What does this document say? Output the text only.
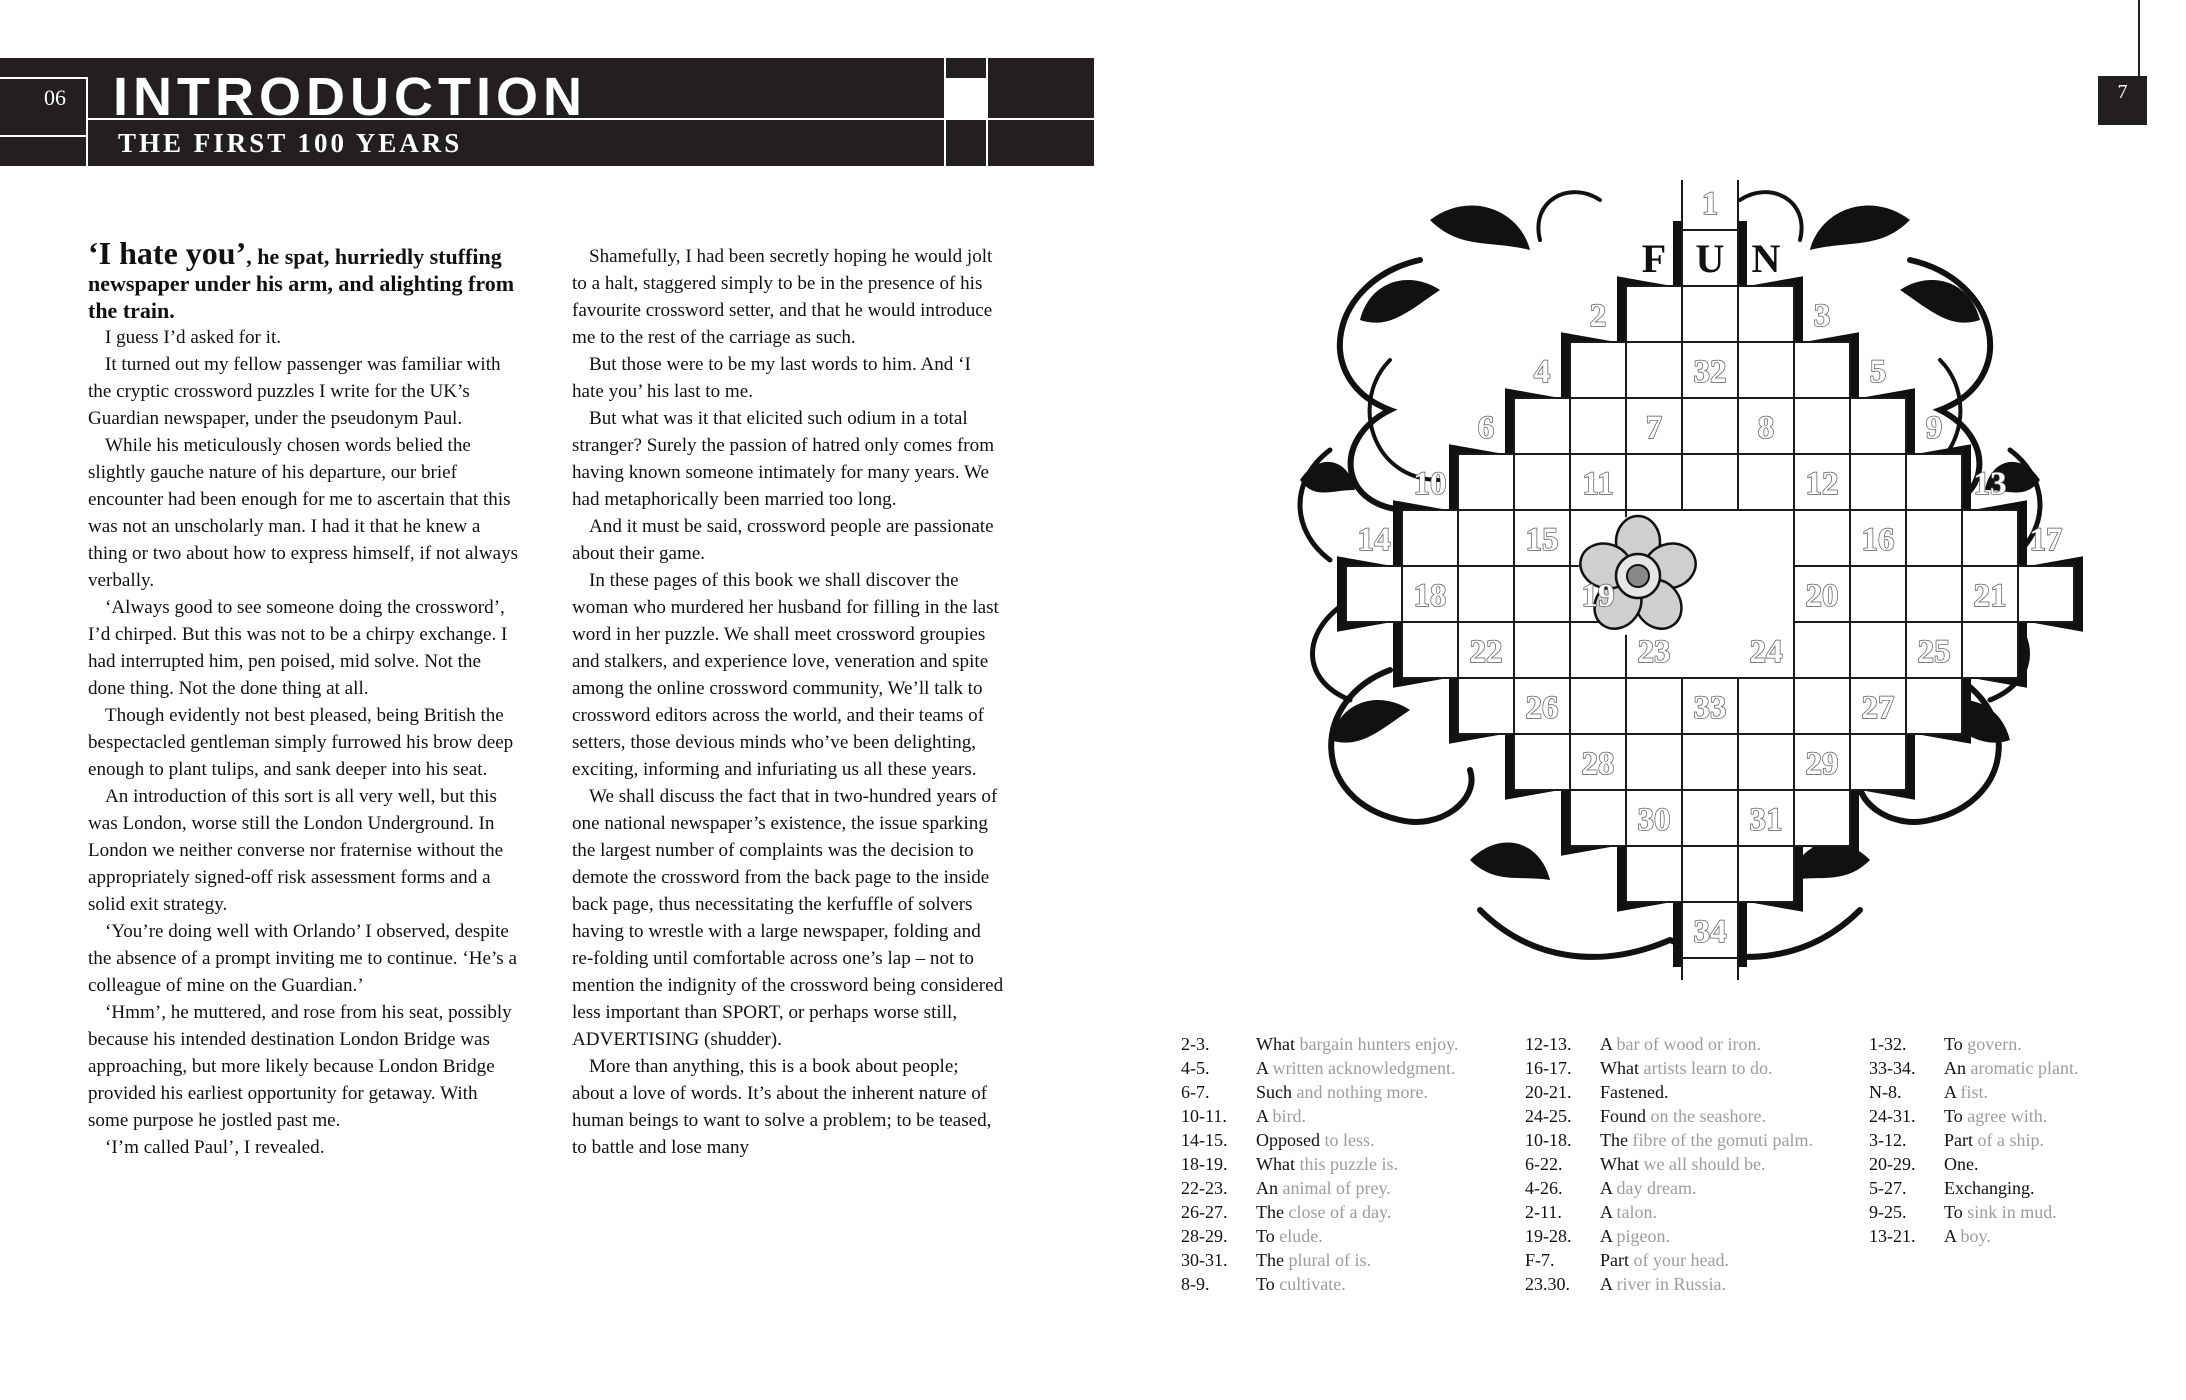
06 INTRODUCTION
THE FIRST 100 YEARS
7

‘I hate you’, he spat, hurriedly stuffing newspaper under his arm, and alighting from the train.

I guess I’d asked for it.

It turned out my fellow passenger was familiar with the cryptic crossword puzzles I write for the UK’s Guardian newspaper, under the pseudonym Paul.

While his meticulously chosen words belied the slightly gauche nature of his departure, our brief encounter had been enough for me to ascertain that this was not an unscholarly man. I had it that he knew a thing or two about how to express himself, if not always verbally.

‘Always good to see someone doing the crossword’, I’d chirped. But this was not to be a chirpy exchange. I had interrupted him, pen poised, mid solve. Not the done thing. Not the done thing at all.

Though evidently not best pleased, being British the bespectacled gentleman simply furrowed his brow deep enough to plant tulips, and sank deeper into his seat.

An introduction of this sort is all very well, but this was London, worse still the London Underground. In London we neither converse nor fraternise without the appropriately signed-off risk assessment forms and a solid exit strategy.

‘You’re doing well with Orlando’ I observed, despite the absence of a prompt inviting me to continue. ‘He’s a colleague of mine on the Guardian.’

‘Hmm’, he muttered, and rose from his seat, possibly because his intended destination London Bridge was approaching, but more likely because London Bridge provided his earliest opportunity for getaway. With some purpose he jostled past me.

‘I’m called Paul’, I revealed.

Shamefully, I had been secretly hoping he would jolt to a halt, staggered simply to be in the presence of his favourite crossword setter, and that he would introduce me to the rest of the carriage as such.

But those were to be my last words to him. And ‘I hate you’ his last to me.

But what was it that elicited such odium in a total stranger? Surely the passion of hatred only comes from having known someone intimately for many years. We had metaphorically been married too long.

And it must be said, crossword people are passionate about their game.

In these pages of this book we shall discover the woman who murdered her husband for filling in the last word in her puzzle. We shall meet crossword groupies and stalkers, and experience love, veneration and spite among the online crossword community, We’ll talk to crossword editors across the world, and their teams of setters, those devious minds who’ve been delighting, exciting, informing and infuriating us all these years.

We shall discuss the fact that in two-hundred years of one national newspaper’s existence, the issue sparking the largest number of complaints was the decision to demote the crossword from the back page to the inside back page, thus necessitating the kerfuffle of solvers having to wrestle with a large newspaper, folding and re-folding until comfortable across one’s lap – not to mention the indignity of the crossword being considered less important than SPORT, or perhaps worse still, ADVERTISING (shudder).

More than anything, this is a book about people; about a love of words. It’s about the inherent nature of human beings to want to solve a problem; to be teased, to battle and lose many

F U N
1
2	3
4	32	5
6	7	8	9
10	11	12	13
14	15	16	17
18	19	20	21
22	23 24	25
26	27
33
28	29
30 31
34
2-3.	What bargain hunters enjoy.
4-5.	A written acknowledgment.
6-7.	Such and nothing more.
10-11. A bird.
14-15. Opposed to less.
18-19. What this puzzle is.
22-23. An animal of prey.
26-27. The close of a day.
28-29. To elude.
30-31. The plural of is.
8-9.	To cultivate.
12-13. A bar of wood or iron.
16-17. What artists learn to do.
20-21. Fastened.
24-25. Found on the seashore.
10-18. The fibre of the gomuti palm.
6-22. What we all should be.
4-26. A day dream.
2-11. A talon.
19-28. A pigeon.
F-7.	Part of your head.
23.30. A river in Russia.
1-32. To govern.
33-34. An aromatic plant.
N-8. A fist.
24-31. To agree with.
3-12. Part of a ship.
20-29. One.
5-27. Exchanging.
9-25. To sink in mud.
13-21. A boy.
